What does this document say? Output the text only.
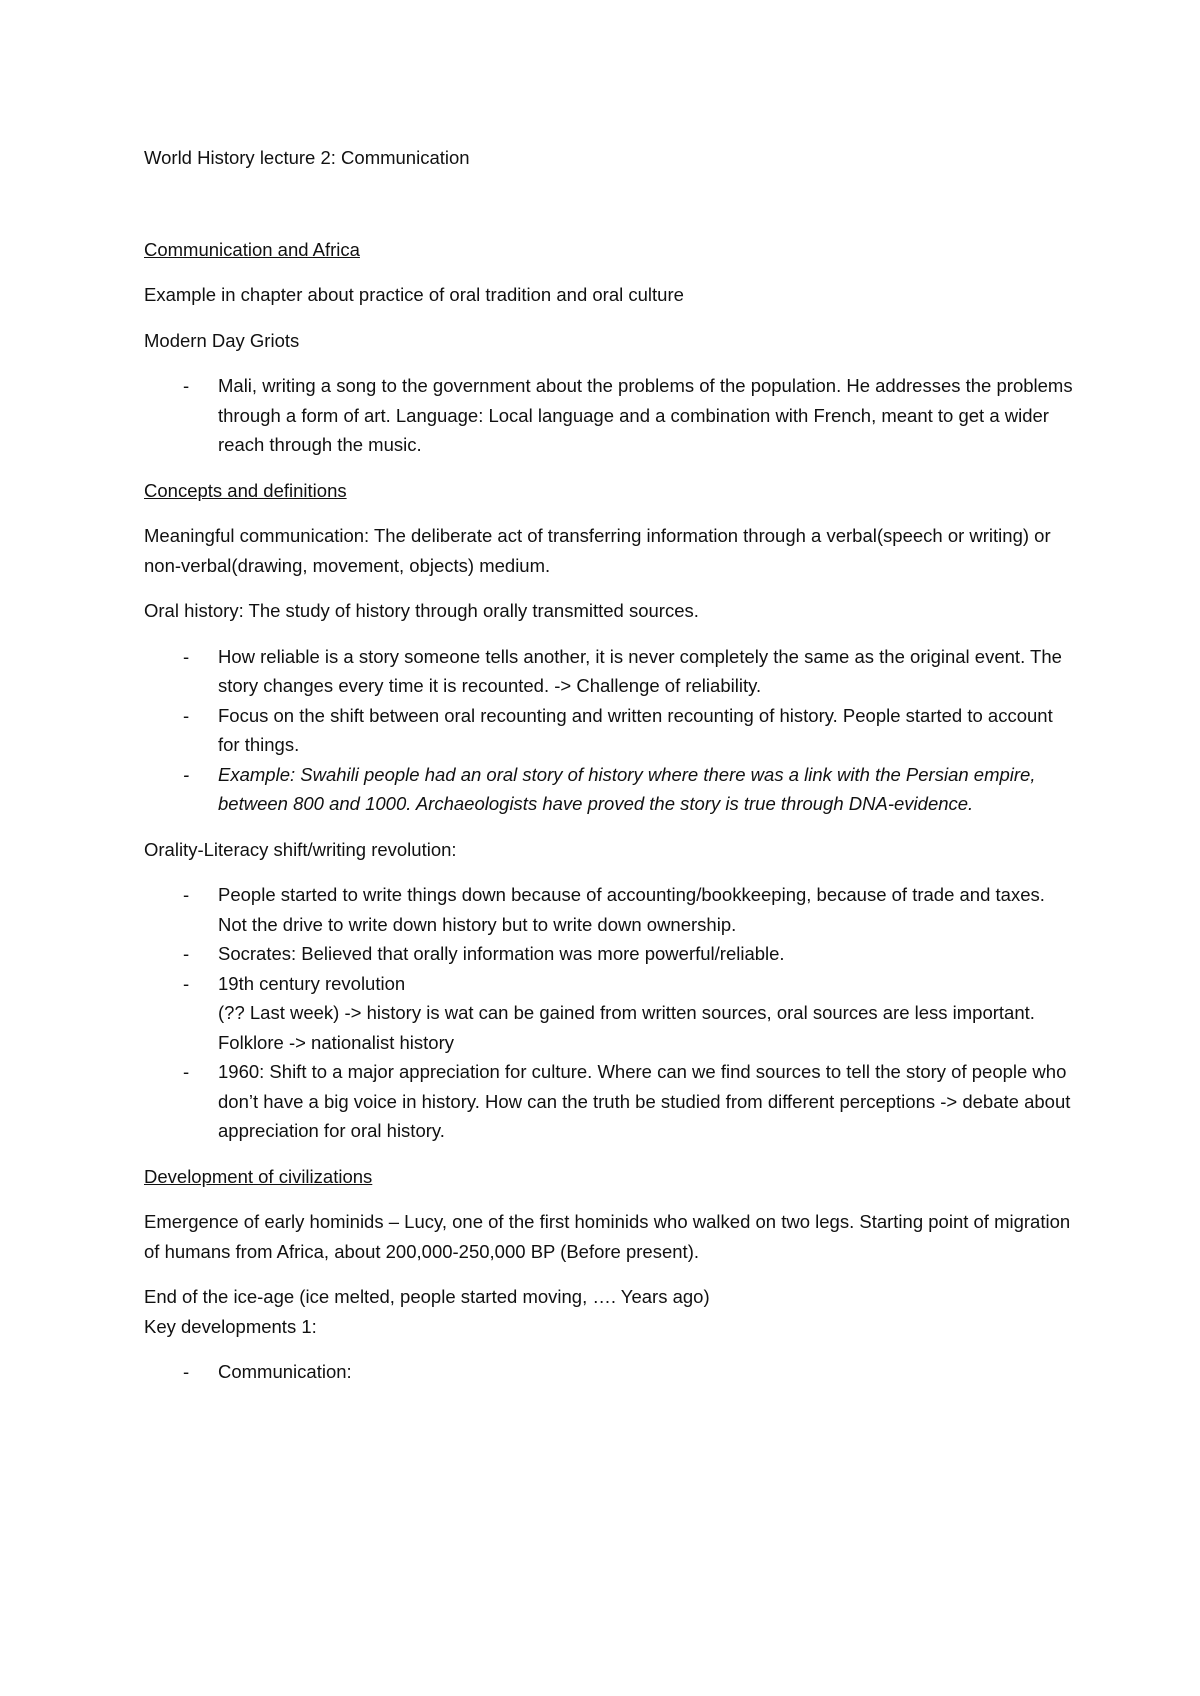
World History lecture 2: Communication

Communication and Africa

Example in chapter about practice of oral tradition and oral culture

Modern Day Griots

- Mali, writing a song to the government about the problems of the population. He addresses the problems through a form of art. Language: Local language and a combination with French, meant to get a wider reach through the music.

Concepts and definitions

Meaningful communication: The deliberate act of transferring information through a verbal(speech or writing) or non-verbal(drawing, movement, objects) medium.

Oral history: The study of history through orally transmitted sources.

- How reliable is a story someone tells another, it is never completely the same as the original event. The story changes every time it is recounted. -> Challenge of reliability.
- Focus on the shift between oral recounting and written recounting of history. People started to account for things.
- Example: Swahili people had an oral story of history where there was a link with the Persian empire, between 800 and 1000. Archaeologists have proved the story is true through DNA-evidence.

Orality-Literacy shift/writing revolution:

- People started to write things down because of accounting/bookkeeping, because of trade and taxes. Not the drive to write down history but to write down ownership.
- Socrates: Believed that orally information was more powerful/reliable.
- 19th century revolution
(?? Last week) -> history is wat can be gained from written sources, oral sources are less important.
Folklore -> nationalist history
- 1960: Shift to a major appreciation for culture. Where can we find sources to tell the story of people who don’t have a big voice in history. How can the truth be studied from different perceptions -> debate about appreciation for oral history.

Development of civilizations

Emergence of early hominids – Lucy, one of the first hominids who walked on two legs. Starting point of migration of humans from Africa, about 200,000-250,000 BP (Before present).

End of the ice-age (ice melted, people started moving, …. Years ago)

Key developments 1:

- Communication:
